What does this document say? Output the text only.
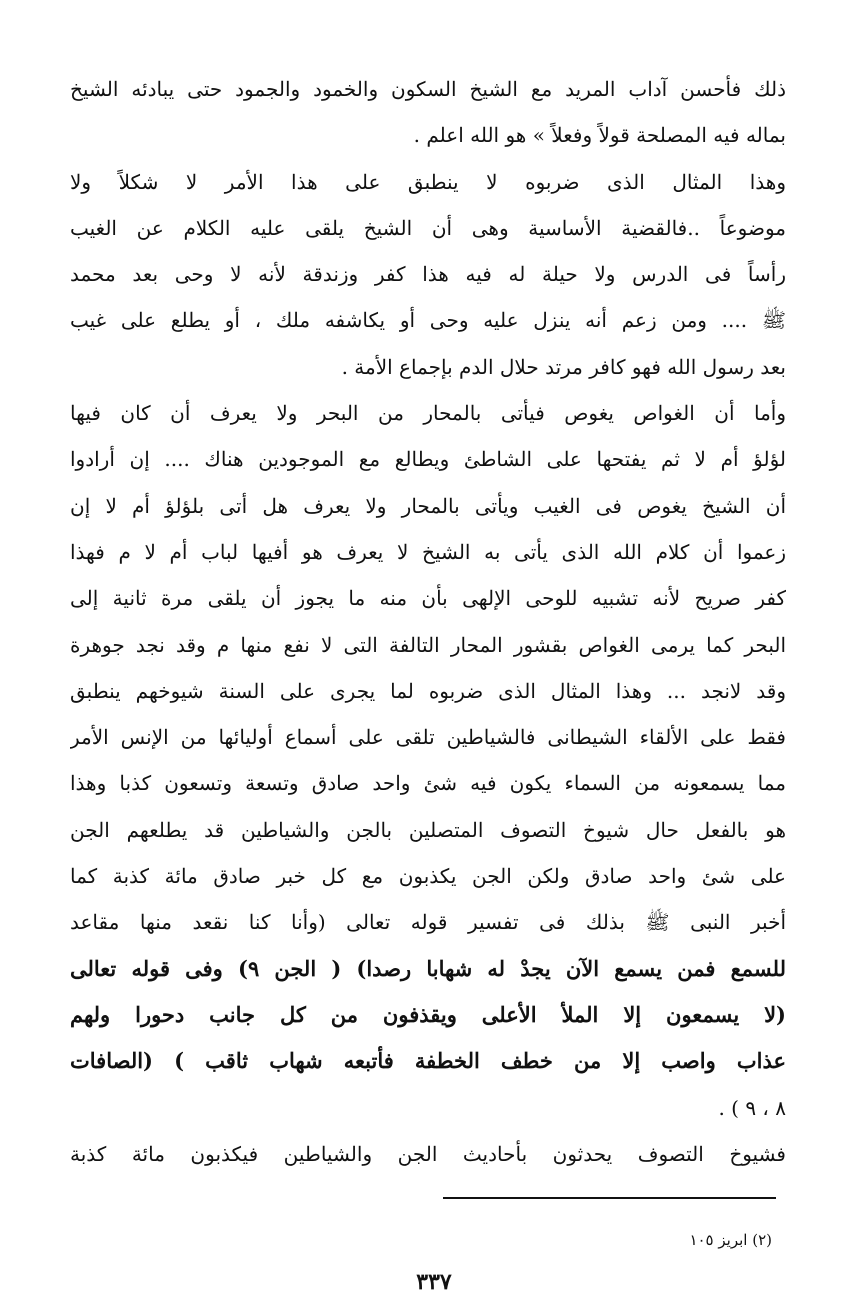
ذلك فأحسن آداب المريد مع الشيخ السكون والخمود والجمود حتى يبادئه الشيخ
بماله فيه المصلحة قولاً وفعلاً » هو الله اعلم .
وهذا المثال الذى ضربوه لا ينطبق على هذا الأمر لا شكلاً ولا
موضوعاً ..فالقضية الأساسية وهى أن الشيخ يلقى عليه الكلام عن الغيب
رأساً فى الدرس ولا حيلة له فيه هذا كفر وزندقة لأنه لا وحى بعد محمد
ﷺ .... ومن زعم أنه ينزل عليه وحى أو يكاشفه ملك ، أو يطلع على غيب
بعد رسول الله فهو كافر مرتد حلال الدم بإجماع الأمة .
وأما أن الغواص يغوص فيأتى بالمحار من البحر ولا يعرف أن كان فيها
لؤلؤ أم لا ثم يفتحها على الشاطئ ويطالع مع الموجودين هناك .... إن أرادوا
أن الشيخ يغوص فى الغيب ويأتى بالمحار ولا يعرف هل أتى بلؤلؤ أم لا إن
زعموا أن كلام الله الذى يأتى به الشيخ لا يعرف هو أفيها لباب أم لا م فهذا
كفر صريح لأنه تشبيه للوحى الإلهى بأن منه ما يجوز أن يلقى مرة ثانية إلى
البحر كما يرمى الغواص بقشور المحار التالفة التى لا نفع منها م وقد نجد جوهرة
وقد لانجد ... وهذا المثال الذى ضربوه لما يجرى على السنة شيوخهم ينطبق
فقط على الألقاء الشيطانى فالشياطين تلقى على أسماع أوليائها من الإنس الأمر
مما يسمعونه من السماء يكون فيه شئ واحد صادق وتسعة وتسعون كذبا وهذا
هو بالفعل حال شيوخ التصوف المتصلين بالجن والشياطين قد يطلعهم الجن
على شئ واحد صادق ولكن الجن يكذبون مع كل خبر صادق مائة كذبة كما
أخبر النبى ﷺ بذلك فى تفسير قوله تعالى (وأنا كنا نقعد منها مقاعد
للسمع فمن يسمع الآن يجدْ له شهابا رصدا) ( الجن ٩) وفى قوله تعالى
(لا يسمعون إلا الملأ الأعلى ويقذفون من كل جانب دحورا ولهم
عذاب واصب إلا من خطف الخطفة فأتبعه شهاب ثاقب ) (الصافات
٨ ، ٩ ) .
فشيوخ التصوف يحدثون بأحاديث الجن والشياطين فيكذبون مائة كذبة
(٢) ابريز ١٠٥
٣٣٧
